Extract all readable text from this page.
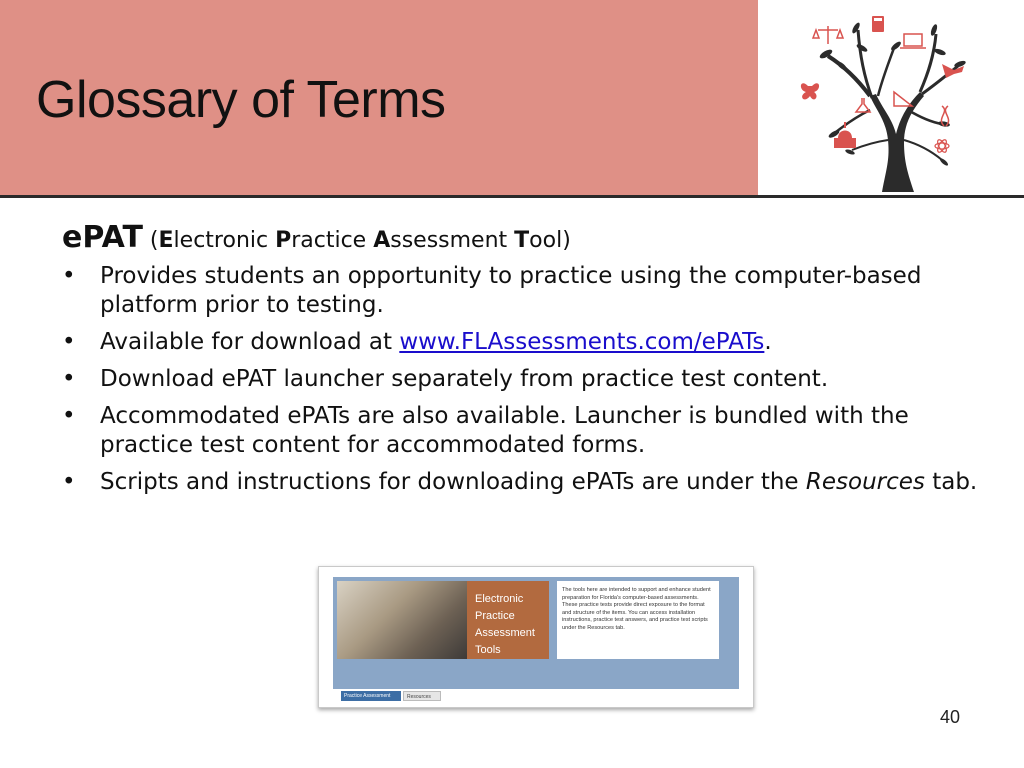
Glossary of Terms
ePAT (Electronic Practice Assessment Tool)
• Provides students an opportunity to practice using the computer-based platform prior to testing.
• Available for download at www.FLAssessments.com/ePATs.
• Download ePAT launcher separately from practice test content.
• Accommodated ePATs are also available. Launcher is bundled with the practice test content for accommodated forms.
• Scripts and instructions for downloading ePATs are under the Resources tab.
Electronic
Practice
Assessment
Tools
The tools here are intended to support and enhance student preparation for Florida's computer-based assessments. These practice tests provide direct exposure to the format and structure of the items. You can access installation instructions, practice test answers, and practice test scripts under the Resources tab.
Practice Assessment Tools
Resources
40
